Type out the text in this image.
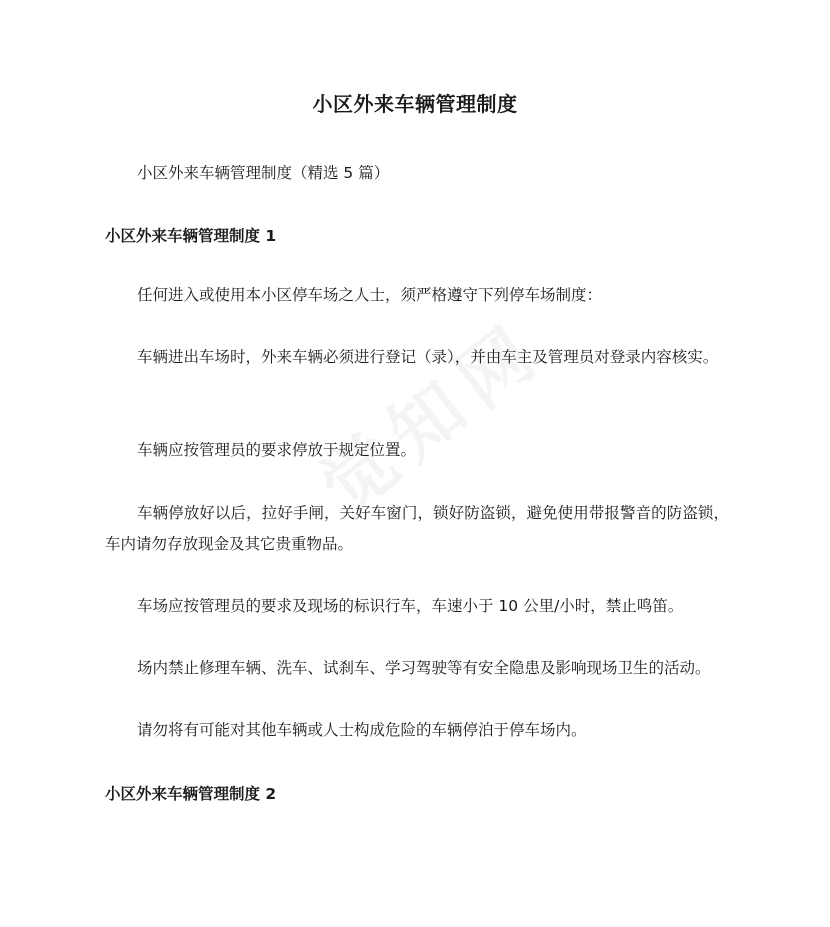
小区外来车辆管理制度
小区外来车辆管理制度（精选 5 篇）
小区外来车辆管理制度 1
任何进入或使用本小区停车场之人士，须严格遵守下列停车场制度：
车辆进出车场时，外来车辆必须进行登记（录），并由车主及管理员对登录内容核实。
车辆应按管理员的要求停放于规定位置。
车辆停放好以后，拉好手闸，关好车窗门，锁好防盗锁，避免使用带报警音的防盗锁，车内请勿存放现金及其它贵重物品。
车场应按管理员的要求及现场的标识行车，车速小于 10 公里/小时，禁止鸣笛。
场内禁止修理车辆、洗车、试刹车、学习驾驶等有安全隐患及影响现场卫生的活动。
请勿将有可能对其他车辆或人士构成危险的车辆停泊于停车场内。
小区外来车辆管理制度 2
